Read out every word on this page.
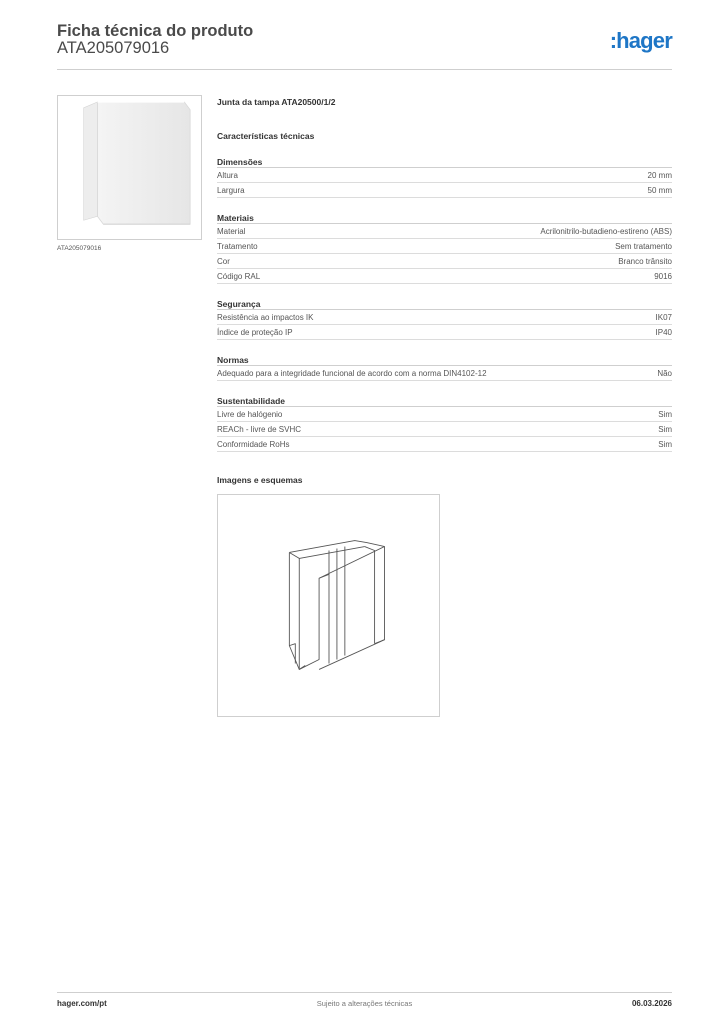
Ficha técnica do produto
ATA205079016	:hager
ATA205079016
Junta da tampa ATA20500/1/2
Características técnicas
Dimensões
Altura	20 mm
Largura	50 mm
Materiais
Material	Acrilonitrilo-butadieno-estireno (ABS)
Tratamento	Sem tratamento
Cor	Branco trânsito
Código RAL	9016
Segurança
Resistência ao impactos IK	IK07
Índice de proteção IP	IP40
Normas
Adequado para a integridade funcional de acordo com a norma DIN4102-12	Não
Sustentabilidade
Livre de halógenio	Sim
REACh - livre de SVHC	Sim
Conformidade RoHs	Sim
Imagens e esquemas
hager.com/pt	Sujeito a alterações técnicas	06.03.2026
